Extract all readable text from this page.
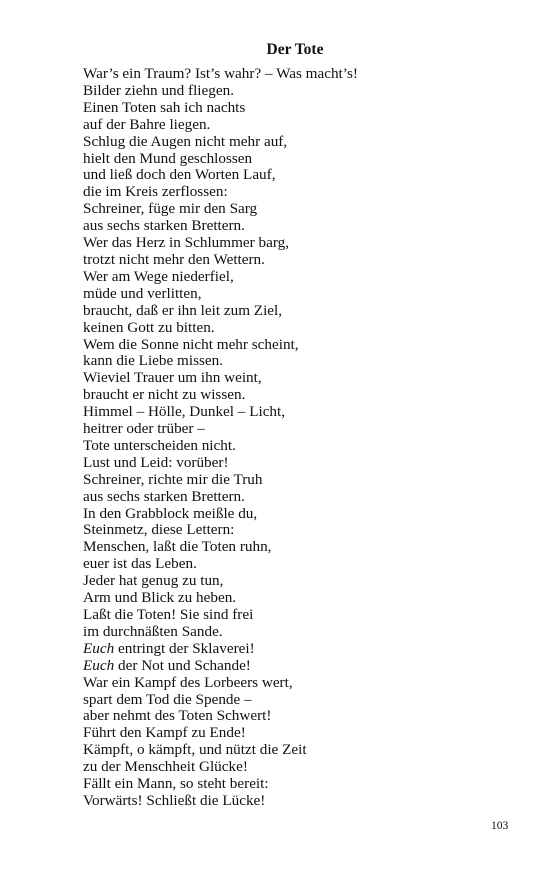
Der Tote
War’s ein Traum? Ist’s wahr? – Was macht’s!
Bilder ziehn und fliegen.
Einen Toten sah ich nachts
auf der Bahre liegen.
Schlug die Augen nicht mehr auf,
hielt den Mund geschlossen
und ließ doch den Worten Lauf,
die im Kreis zerflossen:
Schreiner, füge mir den Sarg
aus sechs starken Brettern.
Wer das Herz in Schlummer barg,
trotzt nicht mehr den Wettern.
Wer am Wege niederfiel,
müde und verlitten,
braucht, daß er ihn leit zum Ziel,
keinen Gott zu bitten.
Wem die Sonne nicht mehr scheint,
kann die Liebe missen.
Wieviel Trauer um ihn weint,
braucht er nicht zu wissen.
Himmel – Hölle, Dunkel – Licht,
heitrer oder trüber –
Tote unterscheiden nicht.
Lust und Leid: vorüber!
Schreiner, richte mir die Truh
aus sechs starken Brettern.
In den Grabblock meißle du,
Steinmetz, diese Lettern:
Menschen, laßt die Toten ruhn,
euer ist das Leben.
Jeder hat genug zu tun,
Arm und Blick zu heben.
Laßt die Toten! Sie sind frei
im durchnäßten Sande.
Euch entringt der Sklaverei!
Euch der Not und Schande!
War ein Kampf des Lorbeers wert,
spart dem Tod die Spende –
aber nehmt des Toten Schwert!
Führt den Kampf zu Ende!
Kämpft, o kämpft, und nützt die Zeit
zu der Menschheit Glücke!
Fällt ein Mann, so steht bereit:
Vorwärts! Schließt die Lücke!
103
